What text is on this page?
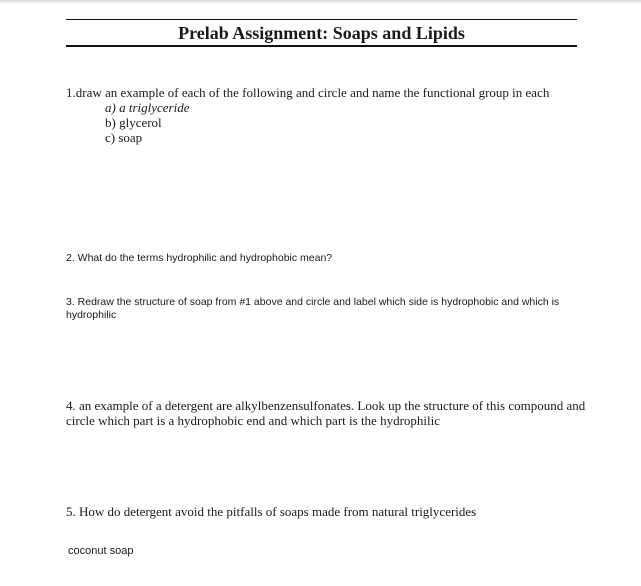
Prelab Assignment: Soaps and Lipids

1.draw an example of each of the following and circle and name the functional group in each

a) a triglyceride
b) glycerol
c) soap

2. What do the terms hydrophilic and hydrophobic mean?

3. Redraw the structure of soap from #1 above and circle and label which side is hydrophobic and which is hydrophilic

4. an example of a detergent are alkylbenzensulfonates. Look up the structure of this compound and circle which part is a hydrophobic end and which part is the hydrophilic

5. How do detergent avoid the pitfalls of soaps made from natural triglycerides

coconut soap
